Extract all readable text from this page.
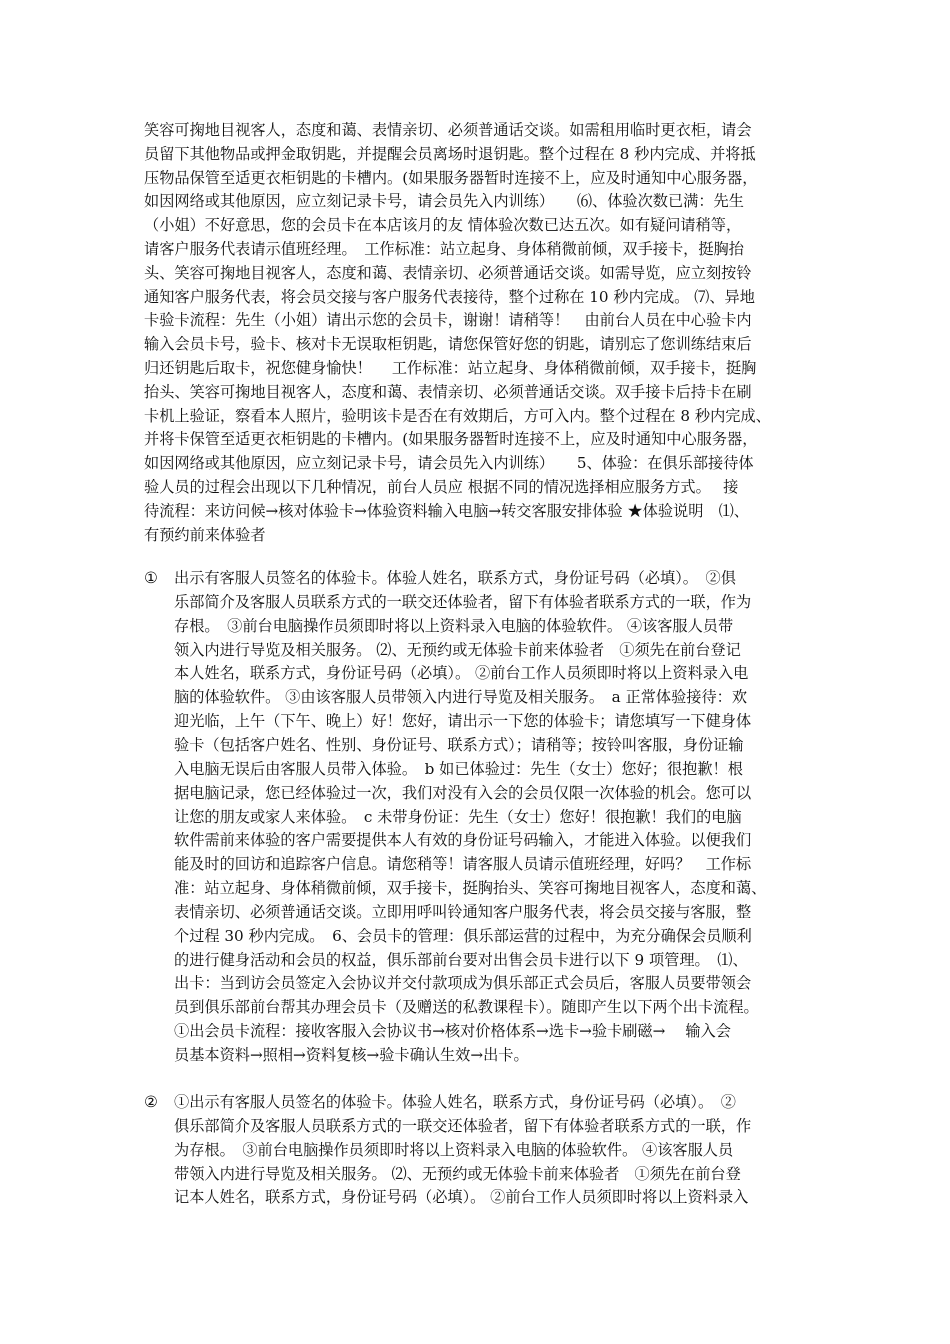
笑容可掬地目视客人，态度和蔼、表情亲切、必须普通话交谈。如需租用临时更衣柜，请会
员留下其他物品或押金取钥匙，并提醒会员离场时退钥匙。整个过程在 8 秒内完成、并将抵
压物品保管至适更衣柜钥匙的卡槽内。(如果服务器暂时连接不上，应及时通知中心服务器，
如因网络或其他原因，应立刻记录卡号，请会员先入内训练）　　⑹、体验次数已满：先生
（小姐）不好意思，您的会员卡在本店该月的友 情体验次数已达五次。如有疑问请稍等，
请客户服务代表请示值班经理。　工作标准：站立起身、身体稍微前倾，双手接卡，挺胸抬
头、笑容可掬地目视客人，态度和蔼、表情亲切、必须普通话交谈。如需导览，应立刻按铃
通知客户服务代表，将会员交接与客户服务代表接待，整个过称在 10 秒内完成。 ⑺、异地
卡验卡流程：先生（小姐）请出示您的会员卡，谢谢！请稍等！　由前台人员在中心验卡内
输入会员卡号，验卡、核对卡无误取柜钥匙，请您保管好您的钥匙，请别忘了您训练结束后
归还钥匙后取卡，祝您健身愉快！　 工作标准：站立起身、身体稍微前倾，双手接卡，挺胸
抬头、笑容可掬地目视客人，态度和蔼、表情亲切、必须普通话交谈。双手接卡后持卡在刷
卡机上验证，察看本人照片，验明该卡是否在有效期后，方可入内。整个过程在 8 秒内完成、
并将卡保管至适更衣柜钥匙的卡槽内。(如果服务器暂时连接不上，应及时通知中心服务器，
如因网络或其他原因，应立刻记录卡号，请会员先入内训练）　　5、体验：在俱乐部接待体
验人员的过程会出现以下几种情况，前台人员应 根据不同的情况选择相应服务方式。　 接
待流程：来访问候→核对体验卡→体验资料输入电脑→转交客服安排体验 ★体验说明　⑴、
有预约前来体验者
① 出示有客服人员签名的体验卡。体验人姓名，联系方式，身份证号码（必填）。　②俱
乐部简介及客服人员联系方式的一联交还体验者，留下有体验者联系方式的一联，作为
存根。　③前台电脑操作员须即时将以上资料录入电脑的体验软件。 ④该客服人员带
领入内进行导览及相关服务。 ⑵、无预约或无体验卡前来体验者　①须先在前台登记
本人姓名，联系方式，身份证号码（必填）。 ②前台工作人员须即时将以上资料录入电
脑的体验软件。 ③由该客服人员带领入内进行导览及相关服务。　a 正常体验接待：欢
迎光临，上午（下午、晚上）好！您好，请出示一下您的体验卡；请您填写一下健身体
验卡（包括客户姓名、性别、身份证号、联系方式）；请稍等；按铃叫客服，身份证输
入电脑无误后由客服人员带入体验。　b 如已体验过：先生（女士）您好；很抱歉！根
据电脑记录，您已经体验过一次，我们对没有入会的会员仅限一次体验的机会。您可以
让您的朋友或家人来体验。　c 未带身份证：先生（女士）您好！很抱歉！我们的电脑
软件需前来体验的客户需要提供本人有效的身份证号码输入，才能进入体验。以便我们
能及时的回访和追踪客户信息。请您稍等！请客服人员请示值班经理，好吗？　工作标
准：站立起身、身体稍微前倾，双手接卡，挺胸抬头、笑容可掬地目视客人，态度和蔼、
表情亲切、必须普通话交谈。立即用呼叫铃通知客户服务代表，将会员交接与客服，整
个过程 30 秒内完成。　6、会员卡的管理：俱乐部运营的过程中，为充分确保会员顺利
的进行健身活动和会员的权益，俱乐部前台要对出售会员卡进行以下 9 项管理。　⑴、
出卡：当到访会员签定入会协议并交付款项成为俱乐部正式会员后，客服人员要带领会
员到俱乐部前台帮其办理会员卡（及赠送的私教课程卡）。随即产生以下两个出卡流程。
①出会员卡流程：接收客服入会协议书→核对价格体系→选卡→验卡刷磁→　 输入会
员基本资料→照相→资料复核→验卡确认生效→出卡。
② ①出示有客服人员签名的体验卡。体验人姓名，联系方式，身份证号码（必填）。　②
俱乐部简介及客服人员联系方式的一联交还体验者，留下有体验者联系方式的一联，作
为存根。　③前台电脑操作员须即时将以上资料录入电脑的体验软件。 ④该客服人员
带领入内进行导览及相关服务。 ⑵、无预约或无体验卡前来体验者　①须先在前台登
记本人姓名，联系方式，身份证号码（必填）。 ②前台工作人员须即时将以上资料录入
